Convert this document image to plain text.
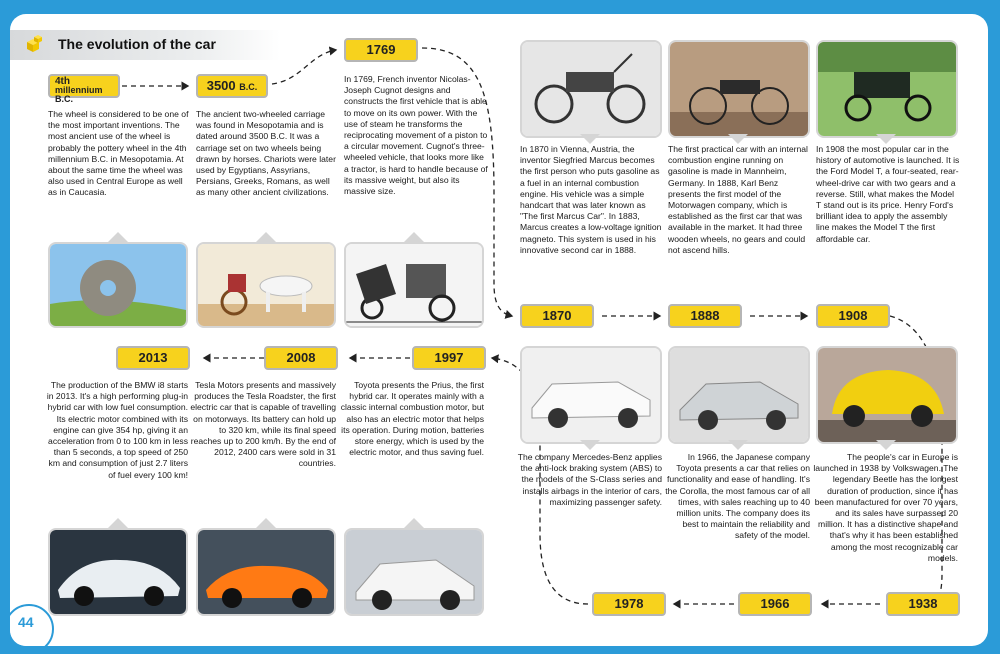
The evolution of the car
4th
millennium B.C.
3500 B.C.
1769
1870	1888	1908
1938
1966
1978
1997
2008
2013
The wheel is considered to be one of the most important inventions. The most ancient use of the wheel is probably the pottery wheel in the 4th millennium B.C. in Mesopotamia. At about the same time the wheel was also used in Central Europe as well as in Caucasia.
The ancient two-wheeled carriage was found in Mesopotamia and is dated around 3500 B.C. It was a carriage set on two wheels being drawn by horses. Chariots were later used by Egyptians, Assyrians, Persians, Greeks, Romans, as well as many other ancient civilizations.
In 1769, French inventor Nicolas-Joseph Cugnot designs and constructs the first vehicle that is able to move on its own power. With the use of steam he transforms the reciprocating movement of a piston to a circular movement. Cugnot's three-wheeled vehicle, that looks more like a tractor, is hard to handle because of its massive weight, but also its massive size.
In 1870 in Vienna, Austria, the inventor Siegfried Marcus becomes the first person who puts gasoline as a fuel in an internal combustion engine. His vehicle was a simple handcart that was later known as "The first Marcus Car". In 1883, Marcus creates a low-voltage ignition magneto. This system is used in his innovative second car in 1888.
The first practical car with an internal combustion engine running on gasoline is made in Mannheim, Germany. In 1888, Karl Benz presents the first model of the Motorwagen company, which is established as the first car that was available in the market. It had three wooden wheels, no gears and could not ascend hills.
In 1908 the most popular car in the history of automotive is launched. It is the Ford Model T, a four-seated, rear-wheel-drive car with two gears and a reverse. Still, what makes the Model T stand out is its price. Henry Ford's brilliant idea to apply the assembly line makes the Model T the first affordable car.
The people's car in Europe is launched in 1938 by Volkswagen. The legendary Beetle has the longest duration of production, since it has been manufactured for over 70 years, and its sales have surpassed 20 million. It has a distinctive shape and that's why it has been established among the most recognizable car models.
In 1966, the Japanese company Toyota presents a car that relies on functionality and ease of handling. It's the Corolla, the most famous car of all times, with sales reaching up to 40 million units. The company does its best to maintain the reliability and safety of the model.
The company Mercedes-Benz applies the anti-lock braking system (ABS) to the models of the S-Class series and installs airbags in the interior of cars, maximizing passenger safety.
Toyota presents the Prius, the first hybrid car. It operates mainly with a classic internal combustion motor, but also has an electric motor that helps its operation. During motion, batteries store energy, which is used by the electric motor, and thus saving fuel.
Tesla Motors presents and massively produces the Tesla Roadster, the first electric car that is capable of travelling on motorways. Its battery can hold up to 320 km, while its final speed reaches up to 200 km/h. By the end of 2012, 2400 cars were sold in 31 countries.
The production of the BMW i8 starts in 2013. It's a high performing plug-in hybrid car with low fuel consumption. Its electric motor combined with its engine can give 354 hp, giving it an acceleration from 0 to 100 km in less than 5 seconds, a top speed of 250 km and consumption of just 2.7 liters of fuel every 100 km!
44
